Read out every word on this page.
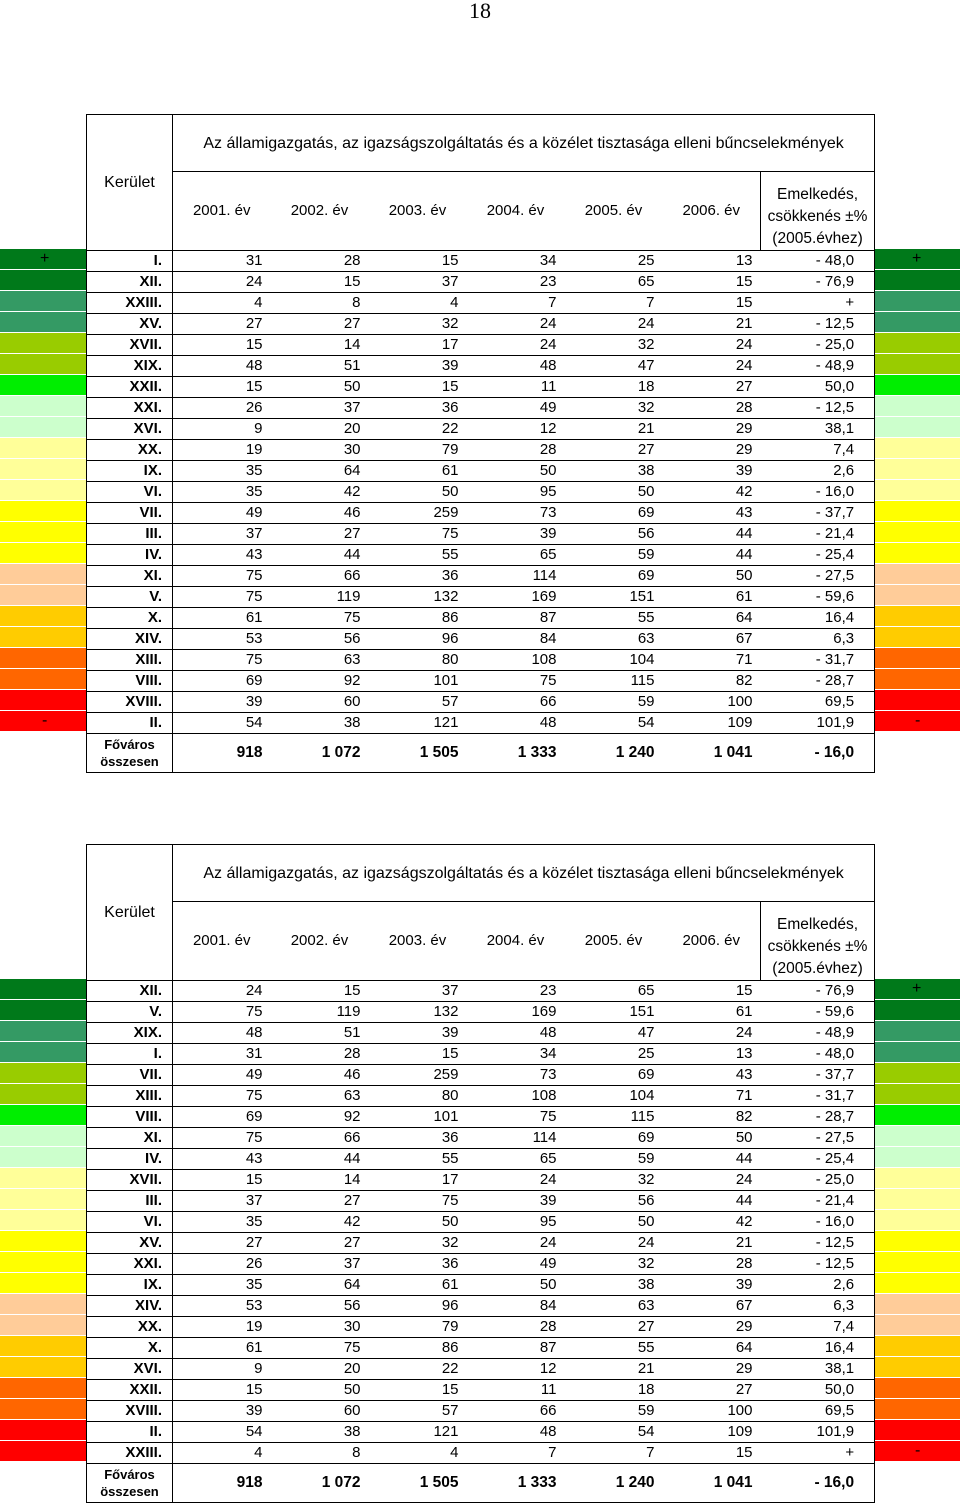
18
+	+
-	-
Kerület	Az államigazgatás, az igazságszolgáltatás és a közélet tisztasága elleni bűncselekmények						
	2001. év	2002. év	2003. év	2004. év	2005. év	2006. év	Emelkedés, csökkenés ±% (2005.évhez)
I.	31	28	15	34	25	13	- 48,0
XII.	24	15	37	23	65	15	- 76,9
XXIII.	4	8	4	7	7	15	+
XV.	27	27	32	24	24	21	- 12,5
XVII.	15	14	17	24	32	24	- 25,0
XIX.	48	51	39	48	47	24	- 48,9
XXII.	15	50	15	11	18	27	50,0
XXI.	26	37	36	49	32	28	- 12,5
XVI.	9	20	22	12	21	29	38,1
XX.	19	30	79	28	27	29	7,4
IX.	35	64	61	50	38	39	2,6
VI.	35	42	50	95	50	42	- 16,0
VII.	49	46	259	73	69	43	- 37,7
III.	37	27	75	39	56	44	- 21,4
IV.	43	44	55	65	59	44	- 25,4
XI.	75	66	36	114	69	50	- 27,5
V.	75	119	132	169	151	61	- 59,6
X.	61	75	86	87	55	64	16,4
XIV.	53	56	96	84	63	67	6,3
XIII.	75	63	80	108	104	71	- 31,7
VIII.	69	92	101	75	115	82	- 28,7
XVIII.	39	60	57	66	59	100	69,5
II.	54	38	121	48	54	109	101,9
Főváros összesen	918	1 072	1 505	1 333	1 240	1 041	- 16,0
+
-
Kerület	Az államigazgatás, az igazságszolgáltatás és a közélet tisztasága elleni bűncselekmények						
	2001. év	2002. év	2003. év	2004. év	2005. év	2006. év	Emelkedés, csökkenés ±% (2005.évhez)
XII.	24	15	37	23	65	15	- 76,9
V.	75	119	132	169	151	61	- 59,6
XIX.	48	51	39	48	47	24	- 48,9
I.	31	28	15	34	25	13	- 48,0
VII.	49	46	259	73	69	43	- 37,7
XIII.	75	63	80	108	104	71	- 31,7
VIII.	69	92	101	75	115	82	- 28,7
XI.	75	66	36	114	69	50	- 27,5
IV.	43	44	55	65	59	44	- 25,4
XVII.	15	14	17	24	32	24	- 25,0
III.	37	27	75	39	56	44	- 21,4
VI.	35	42	50	95	50	42	- 16,0
XV.	27	27	32	24	24	21	- 12,5
XXI.	26	37	36	49	32	28	- 12,5
IX.	35	64	61	50	38	39	2,6
XIV.	53	56	96	84	63	67	6,3
XX.	19	30	79	28	27	29	7,4
X.	61	75	86	87	55	64	16,4
XVI.	9	20	22	12	21	29	38,1
XXII.	15	50	15	11	18	27	50,0
XVIII.	39	60	57	66	59	100	69,5
II.	54	38	121	48	54	109	101,9
XXIII.	4	8	4	7	7	15	+
Főváros összesen	918	1 072	1 505	1 333	1 240	1 041	- 16,0
